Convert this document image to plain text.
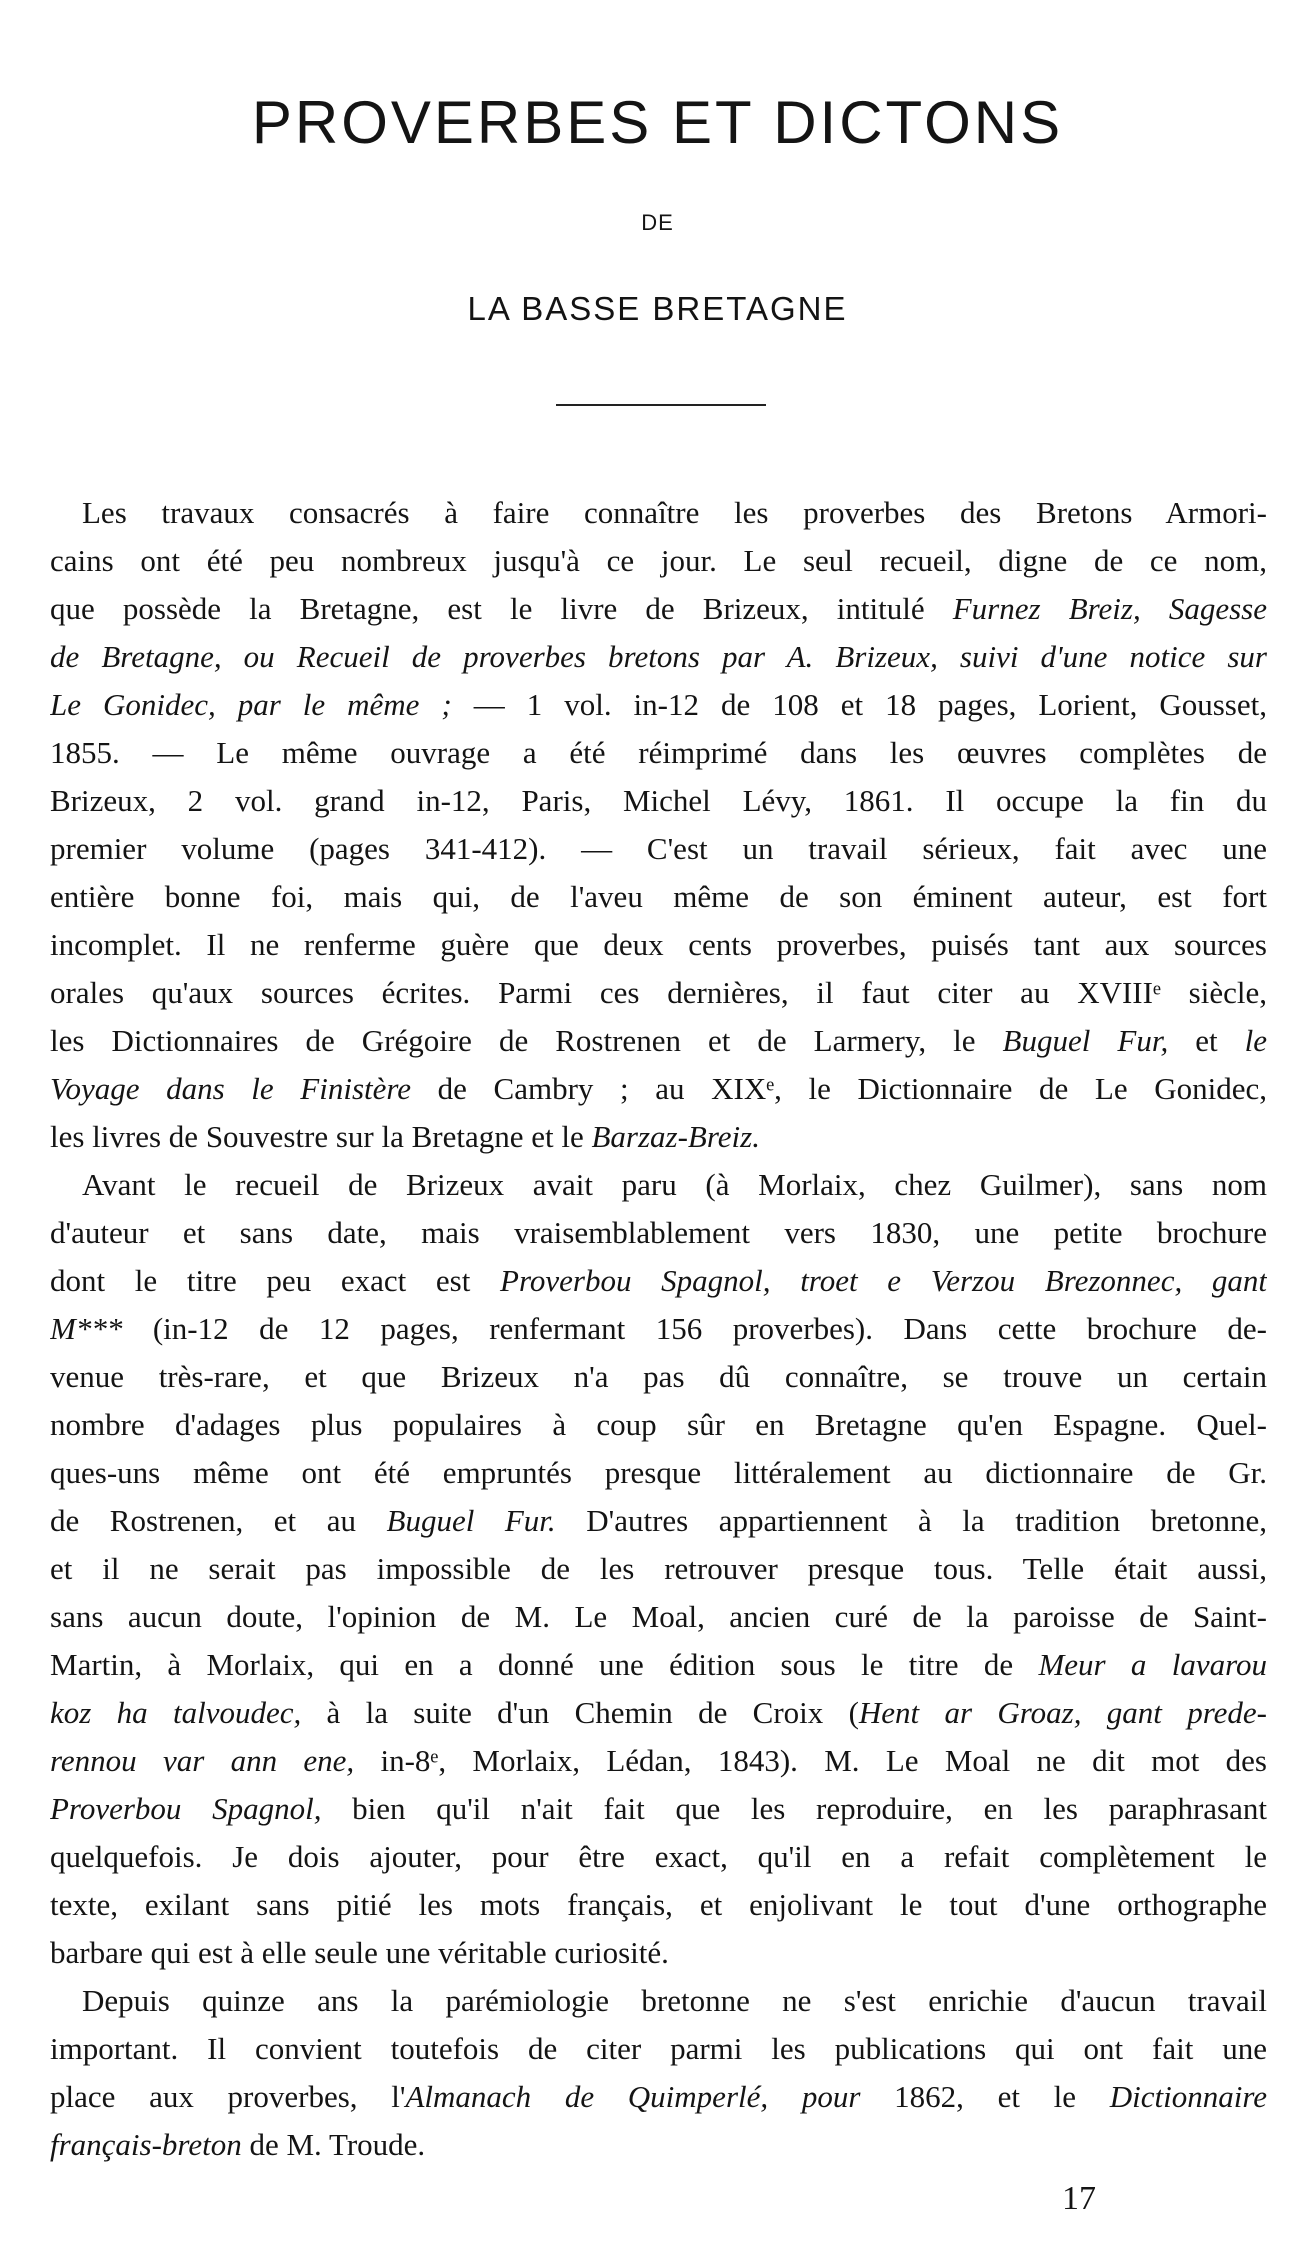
PROVERBES ET DICTONS
DE
LA BASSE BRETAGNE
Les travaux consacrés à faire connaître les proverbes des Bretons Armori-
cains ont été peu nombreux jusqu'à ce jour. Le seul recueil, digne de ce nom,
que possède la Bretagne, est le livre de Brizeux, intitulé Furnez Breiz, Sagesse
de Bretagne, ou Recueil de proverbes bretons par A. Brizeux, suivi d'une notice sur
Le Gonidec, par le même ; — 1 vol. in-12 de 108 et 18 pages, Lorient, Gousset,
1855. — Le même ouvrage a été réimprimé dans les œuvres complètes de
Brizeux, 2 vol. grand in-12, Paris, Michel Lévy, 1861. Il occupe la fin du
premier volume (pages 341-412). — C'est un travail sérieux, fait avec une
entière bonne foi, mais qui, de l'aveu même de son éminent auteur, est fort
incomplet. Il ne renferme guère que deux cents proverbes, puisés tant aux sources
orales qu'aux sources écrites. Parmi ces dernières, il faut citer au XVIIIᵉ siècle,
les Dictionnaires de Grégoire de Rostrenen et de Larmery, le Buguel Fur, et le
Voyage dans le Finistère de Cambry ; au XIXᵉ, le Dictionnaire de Le Gonidec,
les livres de Souvestre sur la Bretagne et le Barzaz-Breiz.
Avant le recueil de Brizeux avait paru (à Morlaix, chez Guilmer), sans nom
d'auteur et sans date, mais vraisemblablement vers 1830, une petite brochure
dont le titre peu exact est Proverbou Spagnol, troet e Verzou Brezonnec, gant
M*** (in-12 de 12 pages, renfermant 156 proverbes). Dans cette brochure de-
venue très-rare, et que Brizeux n'a pas dû connaître, se trouve un certain
nombre d'adages plus populaires à coup sûr en Bretagne qu'en Espagne. Quel-
ques-uns même ont été empruntés presque littéralement au dictionnaire de Gr.
de Rostrenen, et au Buguel Fur. D'autres appartiennent à la tradition bretonne,
et il ne serait pas impossible de les retrouver presque tous. Telle était aussi,
sans aucun doute, l'opinion de M. Le Moal, ancien curé de la paroisse de Saint-
Martin, à Morlaix, qui en a donné une édition sous le titre de Meur a lavarou
koz ha talvoudec, à la suite d'un Chemin de Croix (Hent ar Groaz, gant prede-
rennou var ann ene, in-8ᵉ, Morlaix, Lédan, 1843). M. Le Moal ne dit mot des
Proverbou Spagnol, bien qu'il n'ait fait que les reproduire, en les paraphrasant
quelquefois. Je dois ajouter, pour être exact, qu'il en a refait complètement le
texte, exilant sans pitié les mots français, et enjolivant le tout d'une orthographe
barbare qui est à elle seule une véritable curiosité.
Depuis quinze ans la parémiologie bretonne ne s'est enrichie d'aucun travail
important. Il convient toutefois de citer parmi les publications qui ont fait une
place aux proverbes, l'Almanach de Quimperlé, pour 1862, et le Dictionnaire
français-breton de M. Troude.
17
